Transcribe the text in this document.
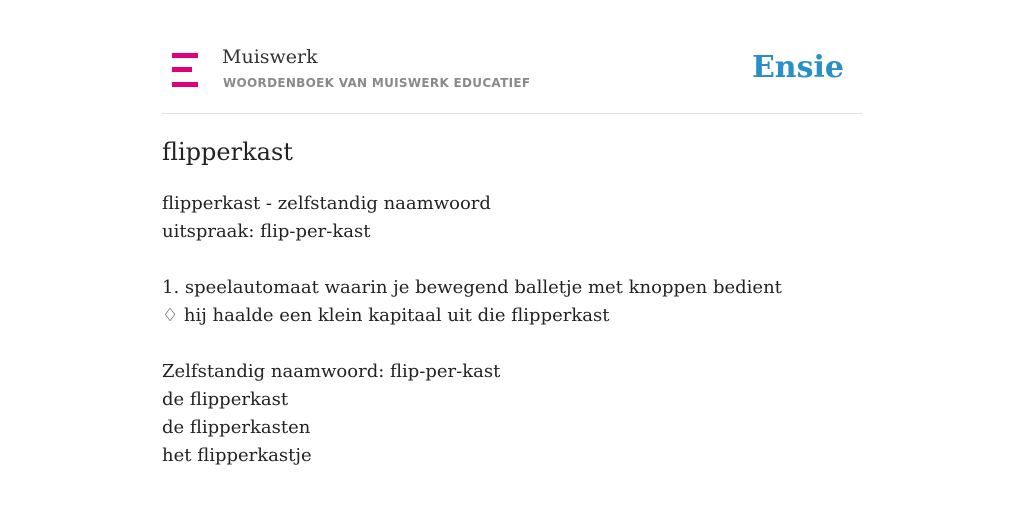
Muiswerk
WOORDENBOEK VAN MUISWERK EDUCATIEF	Ensie
flipperkast
flipperkast - zelfstandig naamwoord
uitspraak: flip-per-kast
1. speelautomaat waarin je bewegend balletje met knoppen bedient
♢ hij haalde een klein kapitaal uit die flipperkast
Zelfstandig naamwoord: flip-per-kast
de flipperkast
de flipperkasten
het flipperkastje
